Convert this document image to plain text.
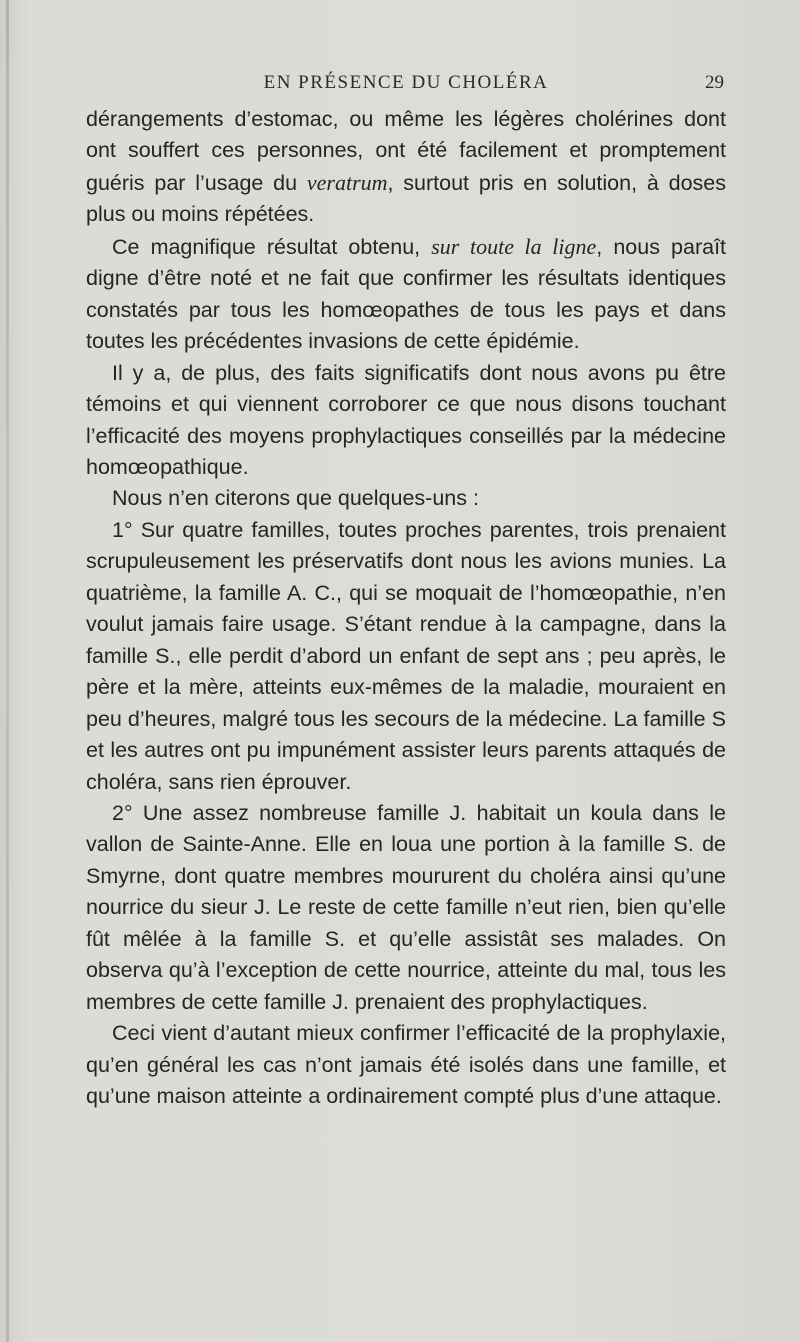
EN PRÉSENCE DU CHOLÉRA	29

dérangements d’estomac, ou même les légères cholérines dont ont souffert ces personnes, ont été facilement et promptement guéris par l’usage du veratrum, surtout pris en solution, à doses plus ou moins répétées.

Ce magnifique résultat obtenu, sur toute la ligne, nous paraît digne d’être noté et ne fait que confirmer les résultats identiques constatés par tous les homœopathes de tous les pays et dans toutes les précédentes invasions de cette épidémie.

Il y a, de plus, des faits significatifs dont nous avons pu être témoins et qui viennent corroborer ce que nous disons touchant l’efficacité des moyens prophylactiques conseillés par la médecine homœopathique.

Nous n’en citerons que quelques-uns :

1° Sur quatre familles, toutes proches parentes, trois prenaient scrupuleusement les préservatifs dont nous les avions munies. La quatrième, la famille A. C., qui se moquait de l’homœopathie, n’en voulut jamais faire usage. S’étant rendue à la campagne, dans la famille S., elle perdit d’abord un enfant de sept ans ; peu après, le père et la mère, atteints eux-mêmes de la maladie, mouraient en peu d’heures, malgré tous les secours de la médecine. La famille S et les autres ont pu impunément assister leurs parents attaqués de choléra, sans rien éprouver.

2° Une assez nombreuse famille J. habitait un koula dans le vallon de Sainte-Anne. Elle en loua une portion à la famille S. de Smyrne, dont quatre membres moururent du choléra ainsi qu’une nourrice du sieur J. Le reste de cette famille n’eut rien, bien qu’elle fût mêlée à la famille S. et qu’elle assistât ses malades. On observa qu’à l’exception de cette nourrice, atteinte du mal, tous les membres de cette famille J. prenaient des prophylactiques.

Ceci vient d’autant mieux confirmer l’efficacité de la prophylaxie, qu’en général les cas n’ont jamais été isolés dans une famille, et qu’une maison atteinte a ordinairement compté plus d’une attaque.
